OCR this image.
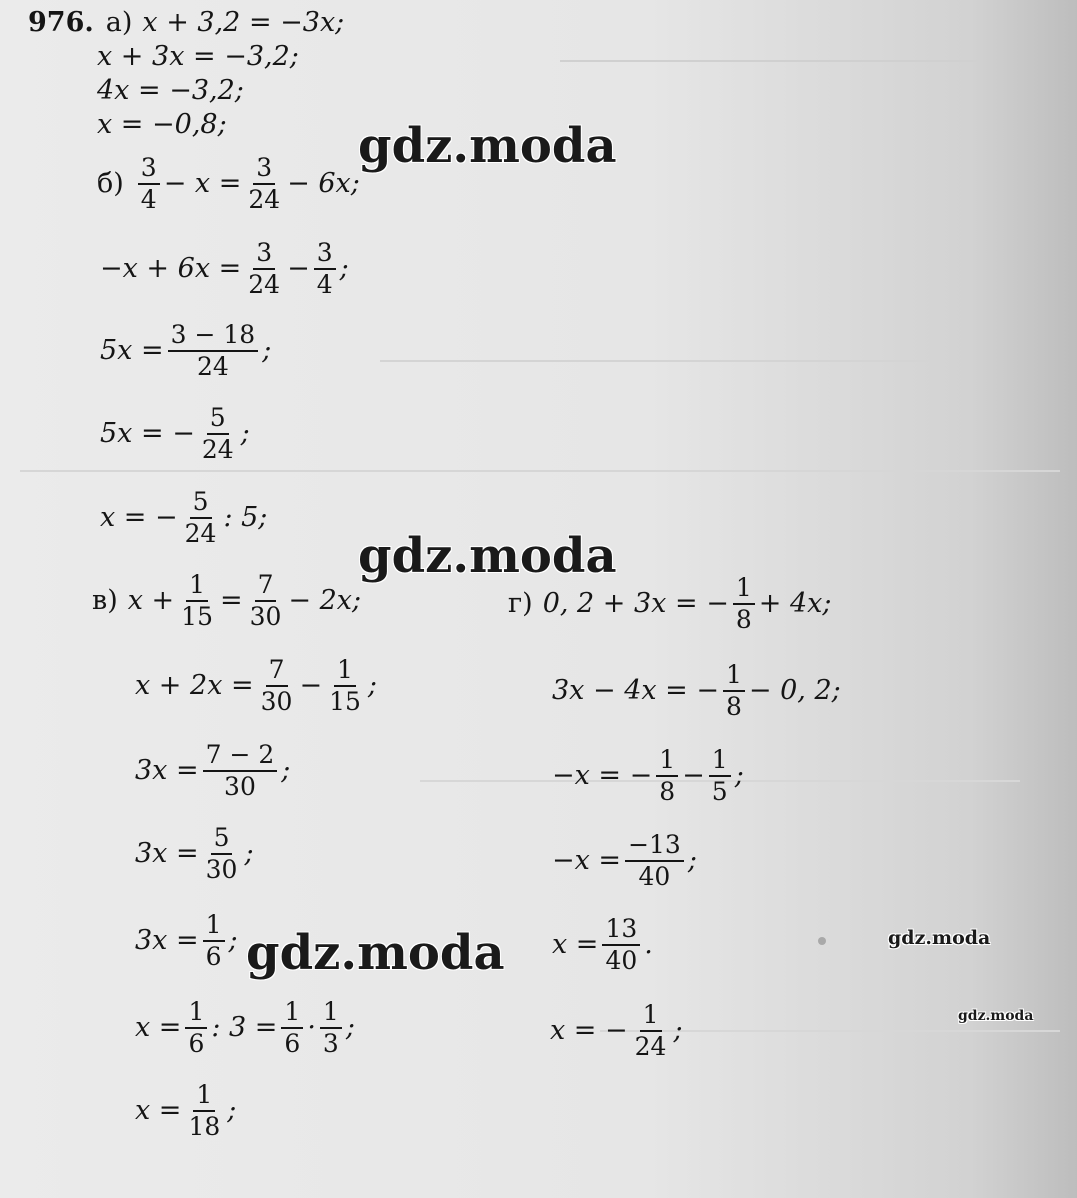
976. а) x + 3,2 = −3x;
x + 3x = −3,2;
4x = −3,2;
x = −0,8;
б)
3
4
− $x = \frac{3}{24} - 6x$;
$-x + 6x = \frac{3}{24} - \frac{3}{4}$ ;
$5x = \frac{3 - 18}{24}$ ;
5x = − $\frac{5}{24}$ ;
x = − $\frac{5}{24}$ : 5;
в) $x + \frac{1}{15} = \frac{7}{30} - 2x$;
$x + 2x = \frac{7}{30} - \frac{1}{15}$ ;
$3x = \frac{7 - 2}{30}$ ;
$3x = \frac{5}{30}$ ;
$3x = \frac{1}{6}$ ;
$x = \frac{1}{6}$ : $3 = \frac{1}{6}$ ·
1
3
;
$x = \frac{1}{18}$ ;
г) 0, 2 + 3x = − $\frac{1}{8} + 4x$;
3x − 4x = − $\frac{1}{8} - 0$, 2;
−x = − $\frac{1}{8} - \frac{1}{5}$ ;
$-x = \frac{-13}{40}$ ;
$x = \frac{13}{40}$ .
x = − $\frac{1}{24}$ ;
gdz.moda
gdz.moda
gdz.moda	gdz.moda
gdz.moda
